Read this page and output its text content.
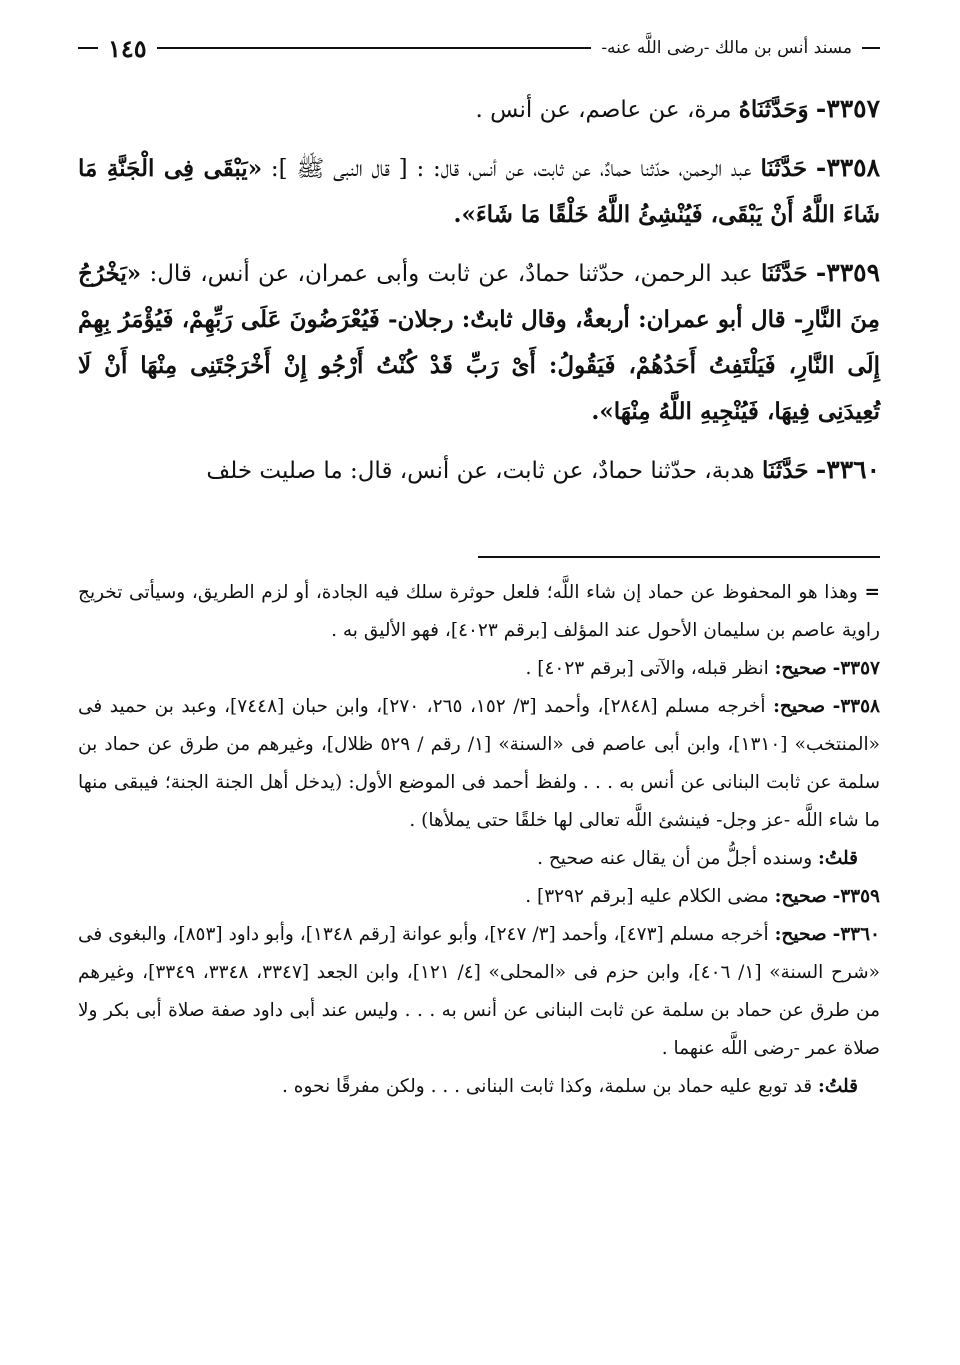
مسند أنس بن مالك -رضى اللَّه عنه-
١٤٥

٣٣٥٧- وَحَدَّثَنَاهُ مرة، عن عاصم، عن أنس .

٣٣٥٨- حَدَّثَنَا عبد الرحمن، حدّثنا حمادٌ، عن ثابت، عن أنس، قال: : [ قال النبى ﷺ ]: «يَبْقَى فِى الْجَنَّةِ مَا شَاءَ اللَّهُ أَنْ يَبْقَى، فَيُنْشِئُ اللَّهُ خَلْقًا مَا شَاءَ».

٣٣٥٩- حَدَّثَنَا عبد الرحمن، حدّثنا حمادٌ، عن ثابت وأبى عمران، عن أنس، قال: «يَخْرُجُ مِنَ النَّارِ- قال أبو عمران: أربعةٌ، وقال ثابتٌ: رجلان- فَيُعْرَضُونَ عَلَى رَبِّهِمْ، فَيُؤْمَرُ بِهِمْ إِلَى النَّارِ، فَيَلْتَفِتُ أَحَدُهُمْ، فَيَقُولُ: أَىْ رَبِّ قَدْ كُنْتُ أَرْجُو إِنْ أَخْرَجْتَنِى مِنْهَا أَنْ لَا تُعِيدَنِى فِيهَا، فَيُنْجِيهِ اللَّهُ مِنْهَا».

٣٣٦٠- حَدَّثَنَا هدبة، حدّثنا حمادٌ، عن ثابت، عن أنس، قال: ما صليت خلف

= وهذا هو المحفوظ عن حماد إن شاء اللَّه؛ فلعل حوثرة سلك فيه الجادة، أو لزم الطريق، وسيأتى تخريج راوية عاصم بن سليمان الأحول عند المؤلف [برقم ٤٠٢٣]، فهو الأليق به .

٣٣٥٧- صحيح: انظر قبله، والآتى [برقم ٤٠٢٣] .

٣٣٥٨- صحيح: أخرجه مسلم [٢٨٤٨]، وأحمد [٣/ ١٥٢، ٢٦٥، ٢٧٠]، وابن حبان [٧٤٤٨]، وعبد بن حميد فى «المنتخب» [١٣١٠]، وابن أبى عاصم فى «السنة» [١/ رقم / ٥٢٩ ظلال]، وغيرهم من طرق عن حماد بن سلمة عن ثابت البنانى عن أنس به . . . ولفظ أحمد فى الموضع الأول: (يدخل أهل الجنة الجنة؛ فيبقى منها ما شاء اللَّه -عز وجل- فينشئ اللَّه تعالى لها خلقًا حتى يملأها) .

قلتُ: وسنده أجلُّ من أن يقال عنه صحيح .

٣٣٥٩- صحيح: مضى الكلام عليه [برقم ٣٢٩٢] .

٣٣٦٠- صحيح: أخرجه مسلم [٤٧٣]، وأحمد [٣/ ٢٤٧]، وأبو عوانة [رقم ١٣٤٨]، وأبو داود [٨٥٣]، والبغوى فى «شرح السنة» [١/ ٤٠٦]، وابن حزم فى «المحلى» [٤/ ١٢١]، وابن الجعد [٣٣٤٧، ٣٣٤٨، ٣٣٤٩]، وغيرهم من طرق عن حماد بن سلمة عن ثابت البنانى عن أنس به . . . وليس عند أبى داود صفة صلاة أبى بكر ولا صلاة عمر -رضى اللَّه عنهما .

قلتُ: قد توبع عليه حماد بن سلمة، وكذا ثابت البنانى . . . ولكن مفرقًا نحوه .
